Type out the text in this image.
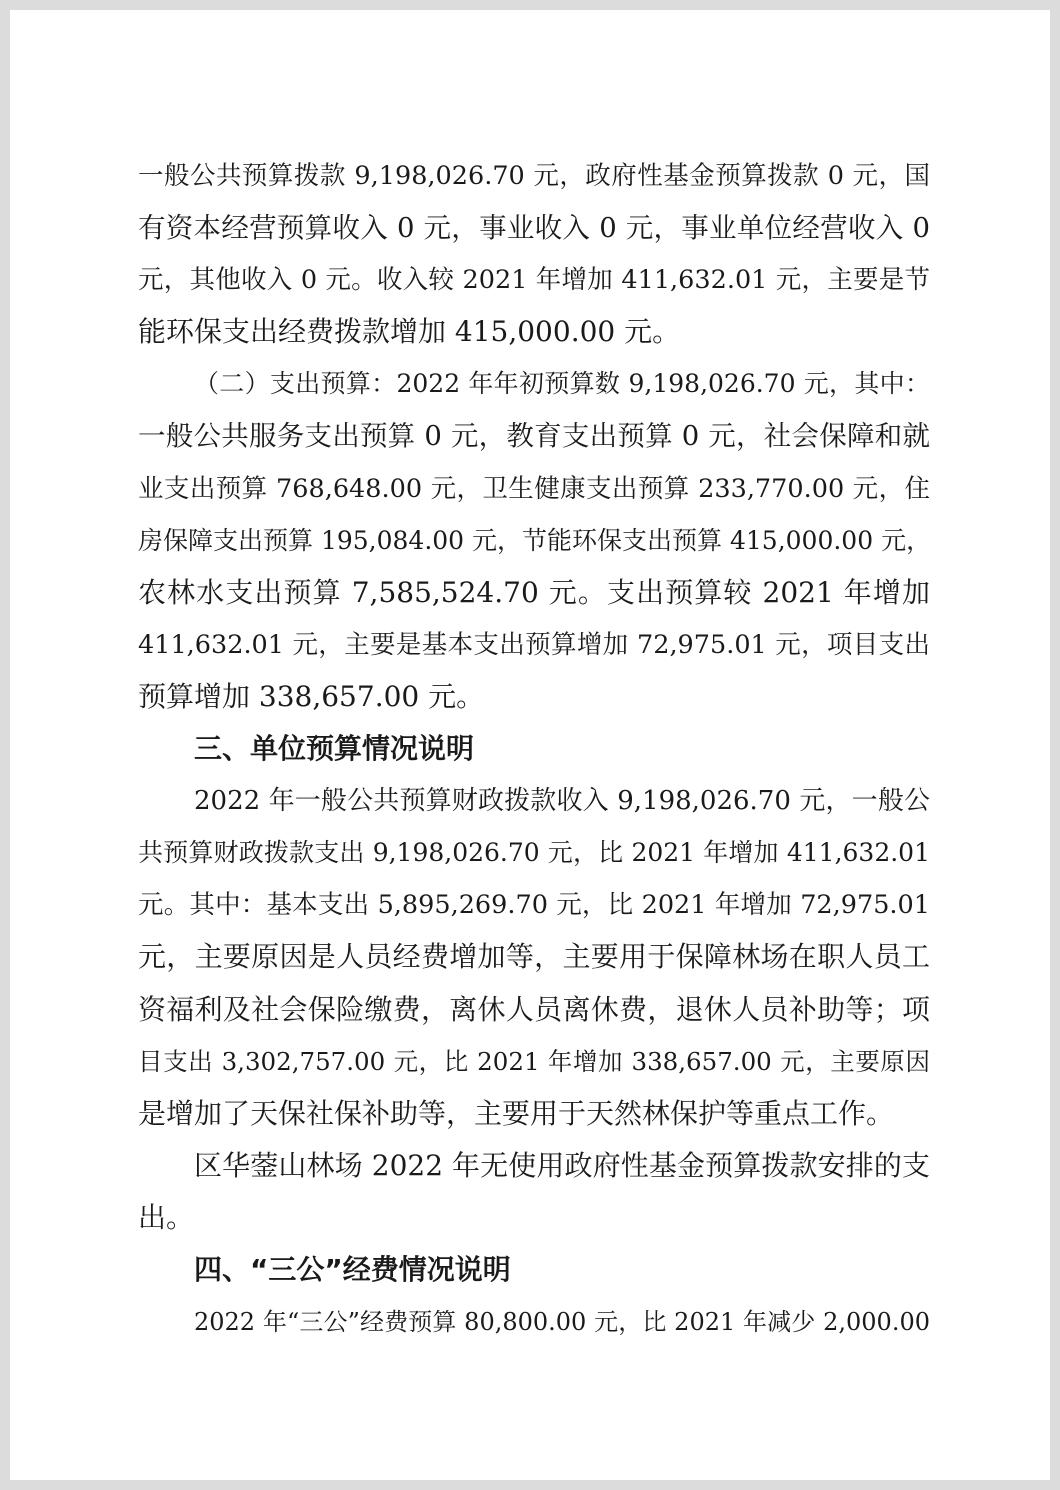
一般公共预算拨款 9,198,026.70 元，政府性基金预算拨款 0 元，国
有资本经营预算收入 0 元，事业收入 0 元，事业单位经营收入 0
元，其他收入 0 元。收入较 2021 年增加 411,632.01 元，主要是节
能环保支出经费拨款增加 415,000.00 元。
（二）支出预算：2022 年年初预算数 9,198,026.70 元，其中：
一般公共服务支出预算 0 元，教育支出预算 0 元，社会保障和就
业支出预算 768,648.00 元，卫生健康支出预算 233,770.00 元，住
房保障支出预算 195,084.00 元，节能环保支出预算 415,000.00 元，
农林水支出预算 7,585,524.70 元。支出预算较 2021 年增加
411,632.01 元，主要是基本支出预算增加 72,975.01 元，项目支出
预算增加 338,657.00 元。
三、单位预算情况说明
2022 年一般公共预算财政拨款收入 9,198,026.70 元，一般公
共预算财政拨款支出 9,198,026.70 元，比 2021 年增加 411,632.01
元。其中：基本支出 5,895,269.70 元，比 2021 年增加 72,975.01
元，主要原因是人员经费增加等，主要用于保障林场在职人员工
资福利及社会保险缴费，离休人员离休费，退休人员补助等；项
目支出 3,302,757.00 元，比 2021 年增加 338,657.00 元，主要原因
是增加了天保社保补助等，主要用于天然林保护等重点工作。
区华蓥山林场 2022 年无使用政府性基金预算拨款安排的支
出。
四、“三公”经费情况说明
2022 年“三公”经费预算 80,800.00 元，比 2021 年减少 2,000.00
